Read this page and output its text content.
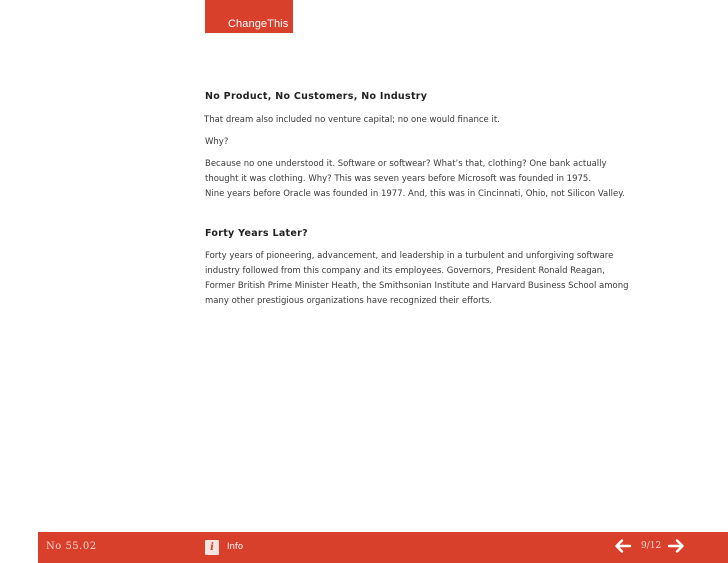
ChangeThis
No Product, No Customers, No Industry

That dream also included no venture capital; no one would finance it.

Why?

Because no one understood it. Software or softwear? What’s that, clothing? One bank actually
thought it was clothing. Why? This was seven years before Microsoft was founded in 1975.
Nine years before Oracle was founded in 1977. And, this was in Cincinnati, Ohio, not Silicon Valley.

Forty Years Later?

Forty years of pioneering, advancement, and leadership in a turbulent and unforgiving software
industry followed from this company and its employees. Governors, President Ronald Reagan,
Former British Prime Minister Heath, the Smithsonian Institute and Harvard Business School among
many other prestigious organizations have recognized their efforts.

No 55.02	i	Info	9/12
